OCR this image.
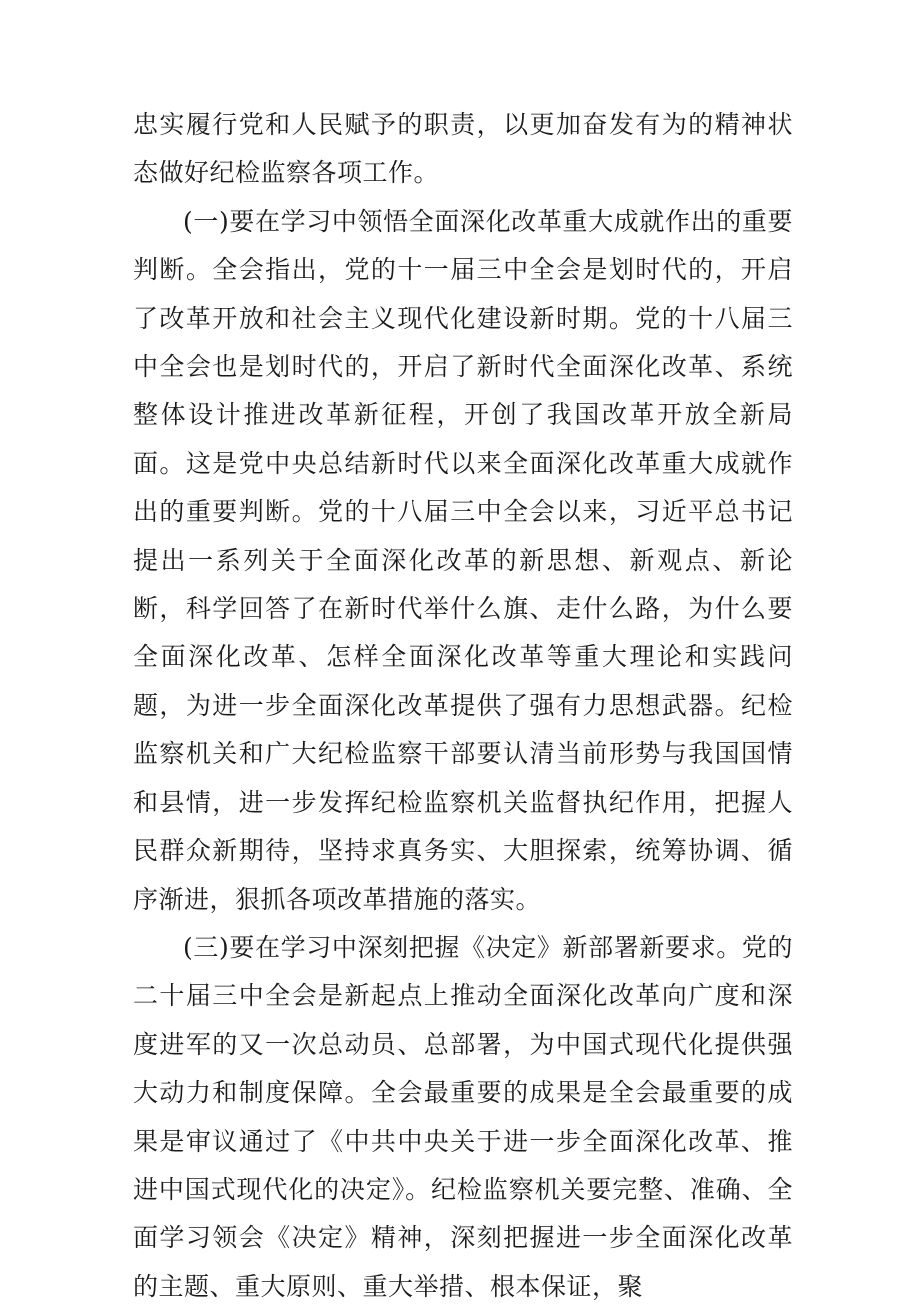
忠实履行党和人民赋予的职责，以更加奋发有为的精神状态做好纪检监察各项工作。

(一)要在学习中领悟全面深化改革重大成就作出的重要判断。全会指出，党的十一届三中全会是划时代的，开启了改革开放和社会主义现代化建设新时期。党的十八届三中全会也是划时代的，开启了新时代全面深化改革、系统整体设计推进改革新征程，开创了我国改革开放全新局面。这是党中央总结新时代以来全面深化改革重大成就作出的重要判断。党的十八届三中全会以来，习近平总书记提出一系列关于全面深化改革的新思想、新观点、新论断，科学回答了在新时代举什么旗、走什么路，为什么要全面深化改革、怎样全面深化改革等重大理论和实践问题，为进一步全面深化改革提供了强有力思想武器。纪检监察机关和广大纪检监察干部要认清当前形势与我国国情和县情，进一步发挥纪检监察机关监督执纪作用，把握人民群众新期待，坚持求真务实、大胆探索，统筹协调、循序渐进，狠抓各项改革措施的落实。

(三)要在学习中深刻把握《决定》新部署新要求。党的二十届三中全会是新起点上推动全面深化改革向广度和深度进军的又一次总动员、总部署，为中国式现代化提供强大动力和制度保障。全会最重要的成果是全会最重要的成果是审议通过了《中共中央关于进一步全面深化改革、推进中国式现代化的决定》。纪检监察机关要完整、准确、全面学习领会《决定》精神，深刻把握进一步全面深化改革的主题、重大原则、重大举措、根本保证，聚
